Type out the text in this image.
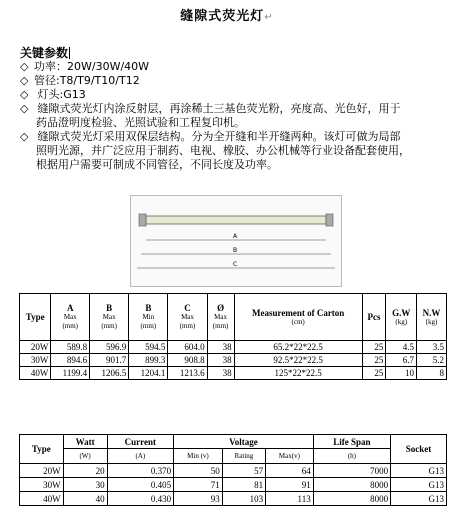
缝隙式荧光灯↵
关键参数
◇ 功率：20W/30W/40W
◇ 管径:T8/T9/T10/T12
◇ 灯头:G13
◇ 缝隙式荧光灯内涂反射层，再涂稀土三基色荧光粉，亮度高、光色好，用于
药品澄明度检验、光照试验和工程复印机。
◇ 缝隙式荧光灯采用双保层结构。分为全开缝和半开缝两种。该灯可做为局部
照明光源，并广泛应用于制药、电视、橡胶、办公机械等行业设备配套使用，
根据用户需要可制成不同管径，不同长度及功率。
A
B
C
Type	A
Max
(mm)	B
Max
(mm)	B
Min
(mm)	C
Max
(mm)	Ø
Max
(mm)	Measurement of Carton
(cm)	Pcs	G.W
(kg)	N.W
(kg)

20W	589.8	596.9	594.5	604.0	38	65.2*22*22.5	25	4.5	3.5
30W	894.6	901.7	899.3	908.8	38	92.5*22*22.5	25	6.7	5.2
40W	1199.4	1206.5	1204.1	1213.6	38	125*22*22.5	25	10	8
Type	Watt	Current	Voltage			Life Span	Socket
	(W)	(A)	Min (v)	Rating	Max(v)	(h)	
20W	20	0.370	50	57	64	7000	G13
30W	30	0.405	71	81	91	8000	G13
40W	40	0.430	93	103	113	8000	G13
